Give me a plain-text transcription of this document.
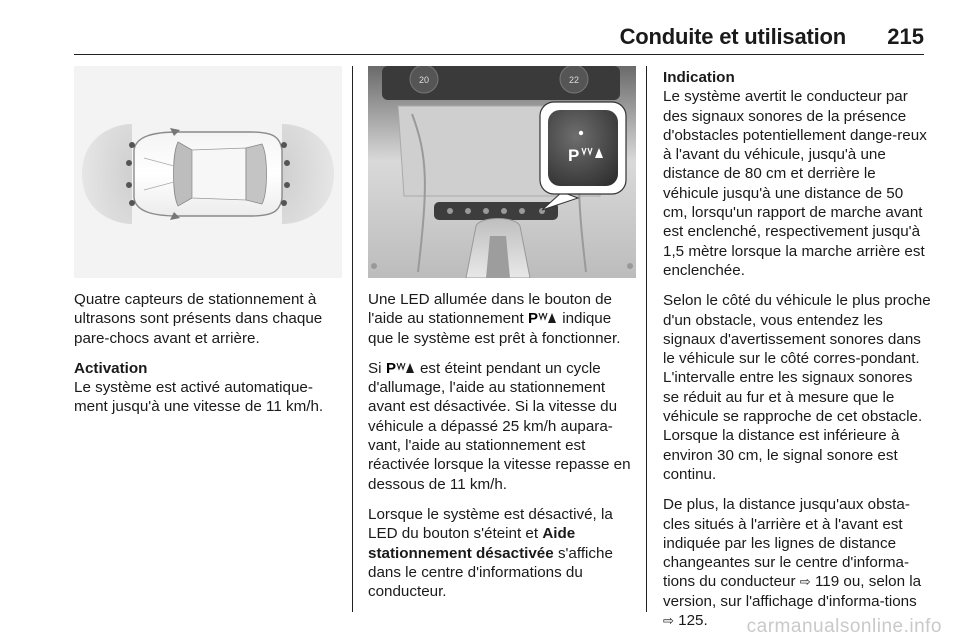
Conduite et utilisation 215
20	22
P

Quatre capteurs de stationnement à ultrasons sont présents dans chaque pare-chocs avant et arrière.

Activation
Le système est activé automatique-ment jusqu'à une vitesse de 11 km/h.

Une LED allumée dans le bouton de l'aide au stationnement P indique que le système est prêt à fonctionner.

Si P est éteint pendant un cycle d'allumage, l'aide au stationnement avant est désactivée. Si la vitesse du véhicule a dépassé 25 km/h aupara-vant, l'aide au stationnement est réactivée lorsque la vitesse repasse en dessous de 11 km/h.

Lorsque le système est désactivé, la LED du bouton s'éteint et Aide stationnement désactivée s'affiche dans le centre d'informations du conducteur.

Indication
Le système avertit le conducteur par des signaux sonores de la présence d'obstacles potentiellement dange-reux à l'avant du véhicule, jusqu'à une distance de 80 cm et derrière le véhicule jusqu'à une distance de 50 cm, lorsqu'un rapport de marche avant est enclenché, respectivement jusqu'à 1,5 mètre lorsque la marche arrière est enclenchée.

Selon le côté du véhicule le plus proche d'un obstacle, vous entendez les signaux d'avertissement sonores dans le véhicule sur le côté corres-pondant. L'intervalle entre les signaux sonores se réduit au fur et à mesure que le véhicule se rapproche de cet obstacle. Lorsque la distance est inférieure à environ 30 cm, le signal sonore est continu.

De plus, la distance jusqu'aux obsta-cles situés à l'arrière et à l'avant est indiquée par les lignes de distance changeantes sur le centre d'informa-tions du conducteur ⇨ 119 ou, selon la version, sur l'affichage d'informa-tions ⇨ 125.	carmanualsonline.info
